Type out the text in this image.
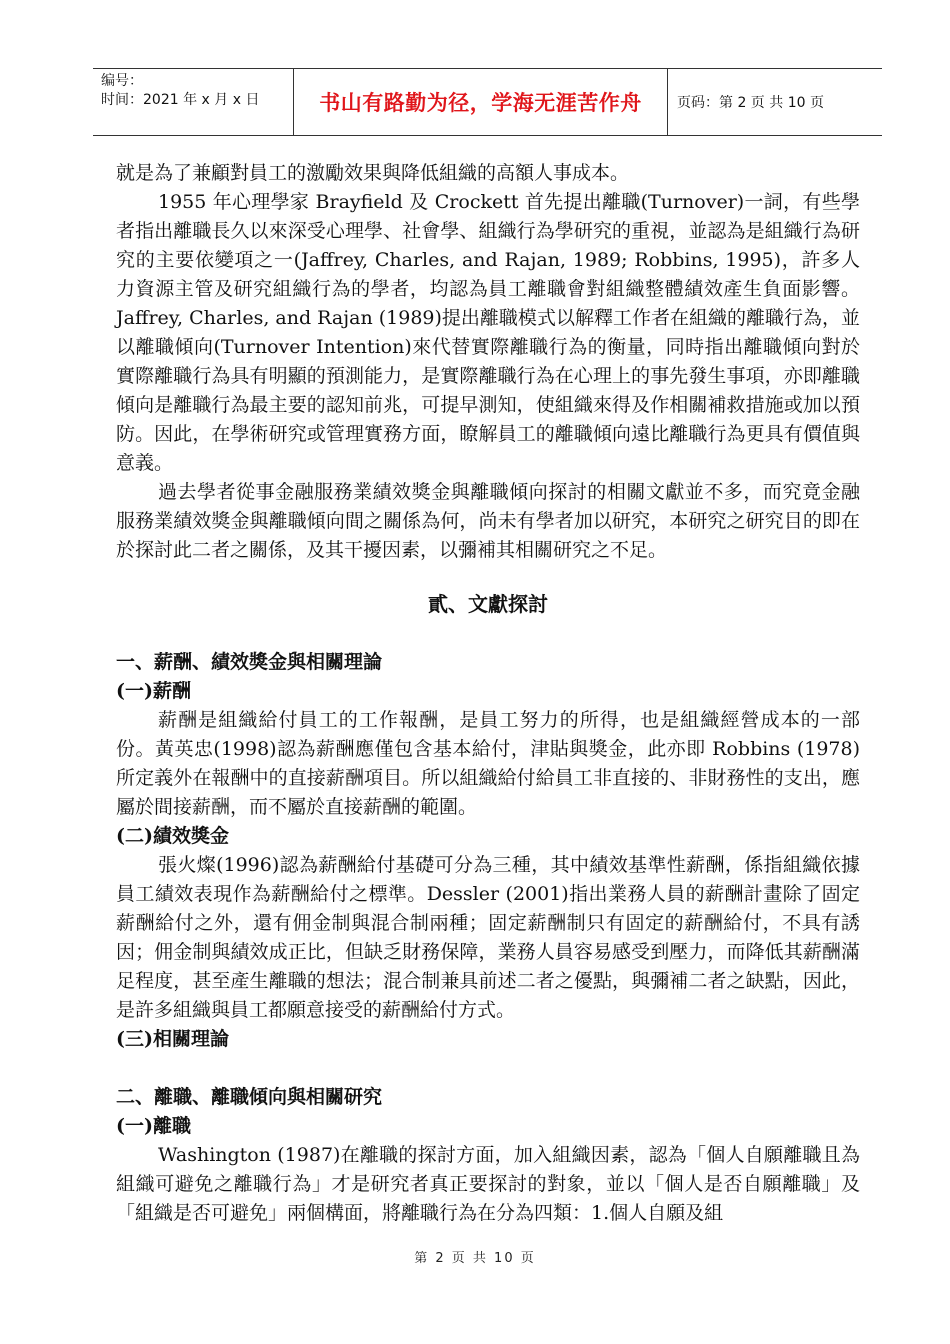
编号：
时间：2021 年 x 月 x 日	书山有路勤为径，学海无涯苦作舟	页码：第 2 页 共 10 页

就是為了兼顧對員工的激勵效果與降低組織的高額人事成本。

1955 年心理學家 Brayfield 及 Crockett 首先提出離職(Turnover)一詞，有些學者指出離職長久以來深受心理學、社會學、組織行為學研究的重視，並認為是組織行為研究的主要依變項之一(Jaffrey, Charles, and Rajan, 1989; Robbins, 1995)，許多人力資源主管及研究組織行為的學者，均認為員工離職會對組織整體績效產生負面影響。Jaffrey, Charles, and Rajan (1989)提出離職模式以解釋工作者在組織的離職行為，並以離職傾向(Turnover Intention)來代替實際離職行為的衡量，同時指出離職傾向對於實際離職行為具有明顯的預測能力，是實際離職行為在心理上的事先發生事項，亦即離職傾向是離職行為最主要的認知前兆，可提早測知，使組織來得及作相關補救措施或加以預防。因此，在學術研究或管理實務方面，瞭解員工的離職傾向遠比離職行為更具有價值與意義。

過去學者從事金融服務業績效獎金與離職傾向探討的相關文獻並不多，而究竟金融服務業績效獎金與離職傾向間之關係為何，尚未有學者加以研究，本研究之研究目的即在於探討此二者之關係，及其干擾因素，以彌補其相關研究之不足。

貳、文獻探討

一、薪酬、績效獎金與相關理論

(一)薪酬

薪酬是組織給付員工的工作報酬，是員工努力的所得，也是組織經營成本的一部份。黃英忠(1998)認為薪酬應僅包含基本給付，津貼與獎金，此亦即 Robbins (1978)所定義外在報酬中的直接薪酬項目。所以組織給付給員工非直接的、非財務性的支出，應屬於間接薪酬，而不屬於直接薪酬的範圍。

(二)績效獎金

張火燦(1996)認為薪酬給付基礎可分為三種，其中績效基準性薪酬，係指組織依據員工績效表現作為薪酬給付之標準。Dessler (2001)指出業務人員的薪酬計畫除了固定薪酬給付之外，還有佣金制與混合制兩種；固定薪酬制只有固定的薪酬給付，不具有誘因；佣金制與績效成正比，但缺乏財務保障，業務人員容易感受到壓力，而降低其薪酬滿足程度，甚至產生離職的想法；混合制兼具前述二者之優點，與彌補二者之缺點，因此，是許多組織與員工都願意接受的薪酬給付方式。

(三)相關理論

二、離職、離職傾向與相關研究

(一)離職

Washington (1987)在離職的探討方面，加入組織因素，認為「個人自願離職且為組織可避免之離職行為」才是研究者真正要探討的對象，並以「個人是否自願離職」及「組織是否可避免」兩個構面，將離職行為在分為四類：1.個人自願及組

第 2 页 共 10 页
